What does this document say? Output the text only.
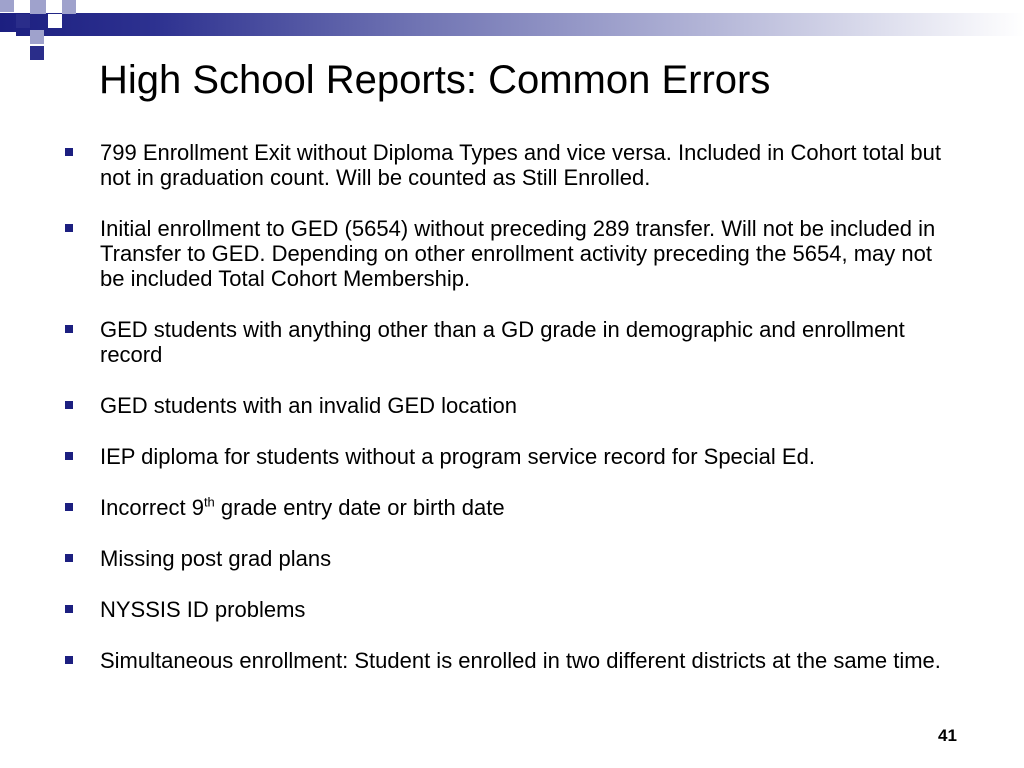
High School Reports: Common Errors
799 Enrollment Exit without Diploma Types and vice versa. Included in Cohort total but not in graduation count. Will be counted as Still Enrolled.
Initial enrollment to GED (5654) without preceding 289 transfer. Will not be included in Transfer to GED. Depending on other enrollment activity preceding the 5654, may not be included Total Cohort Membership.
GED students with anything other than a GD grade in demographic and enrollment record
GED students with an invalid GED location
IEP diploma for students without a program service record for Special Ed.
Incorrect 9th grade entry date or birth date
Missing post grad plans
NYSSIS ID problems
Simultaneous enrollment: Student is enrolled in two different districts at the same time.
41
